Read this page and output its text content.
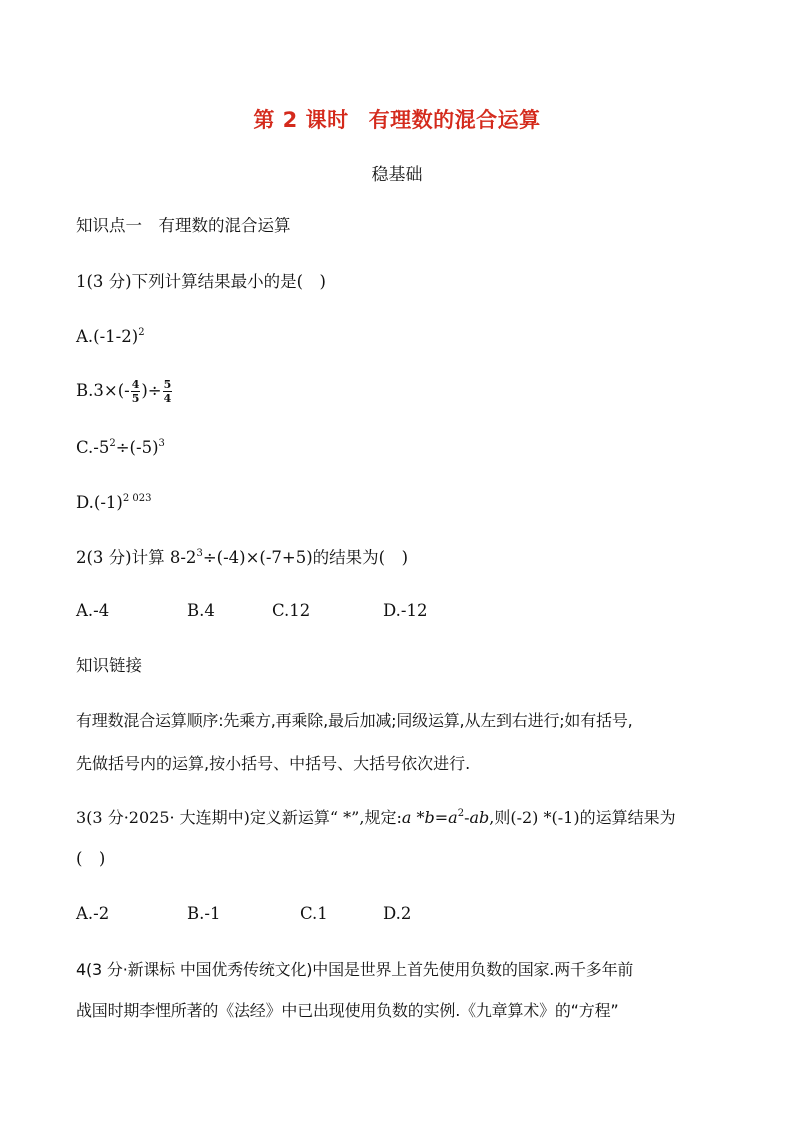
第 2 课时 有理数的混合运算
稳基础
知识点一　有理数的混合运算
1(3 分)下列计算结果最小的是(　)
$A.(-1-2)^2$
$B.3\times(- \frac{4}{5}$ )÷ $\frac{5}{4}$
$C.-5^2\div(-5)^3$
$D.(-1)^{2 023}$
2(3 分)计算 $8-2^3\div(-4)\times(-7+5)$的结果为(　)
A.-4	B.4	C.12	D.-12
知识链接
有理数混合运算顺序:先乘方,再乘除,最后加减;同级运算,从左到右进行;如有括号,
先做括号内的运算,按小括号、中括号、大括号依次进行.
3(3 分·2025· 大连期中)定义新运算“ *”,规定:a $*b=a^2-ab$,则(-2) *(-1)的运算结果为
(　)
A.-2	B.-1	C.1	D.2
4(3 分·新课标 中国优秀传统文化)中国是世界上首先使用负数的国家.两千多年前
战国时期李悝所著的《法经》中已出现使用负数的实例.《九章算术》的“方程”
